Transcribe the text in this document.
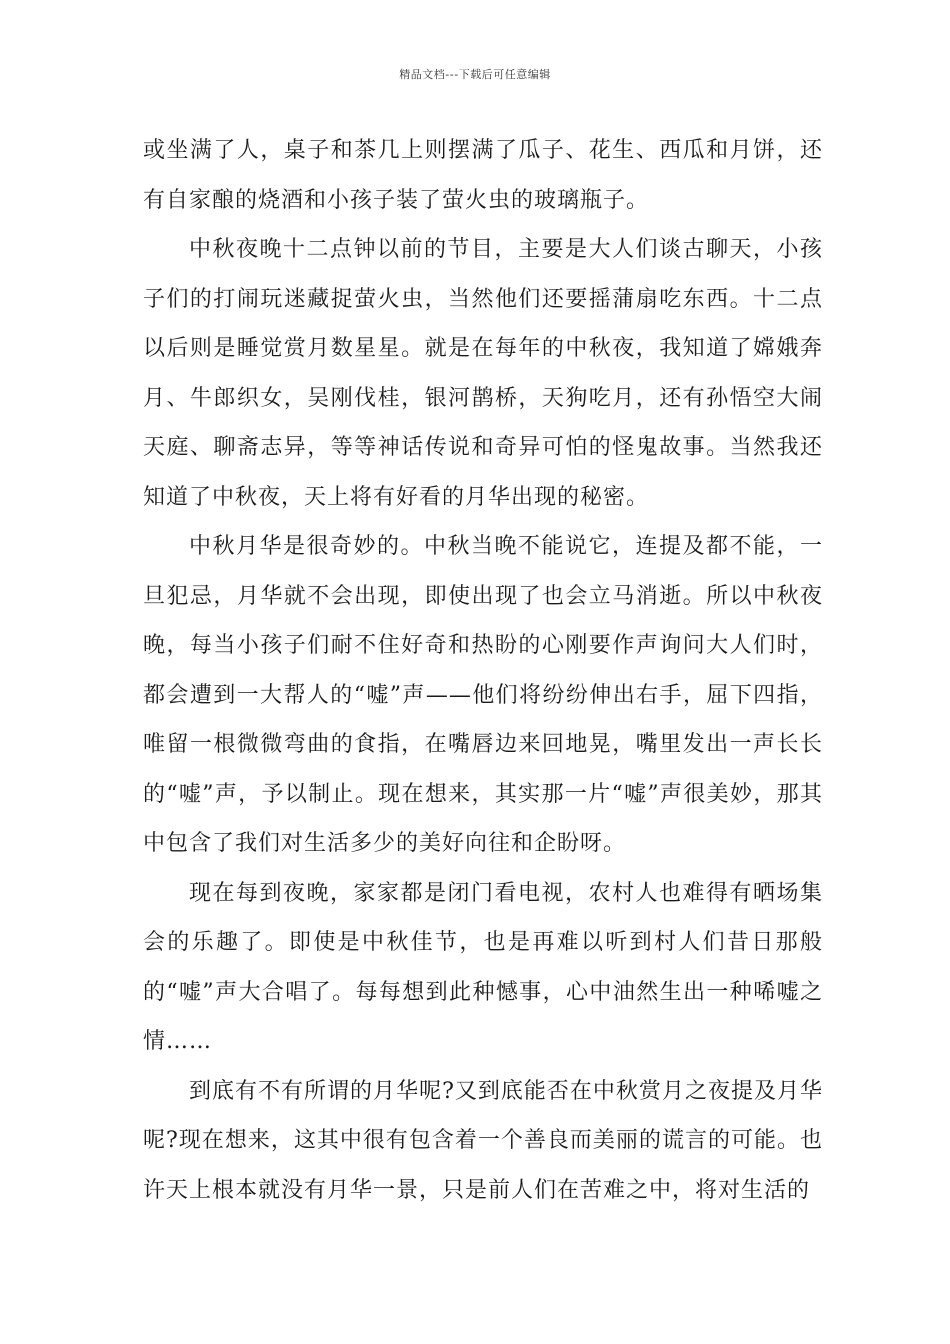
精品文档---下载后可任意编辑

或坐满了人，桌子和茶几上则摆满了瓜子、花生、西瓜和月饼，还有自家酿的烧酒和小孩子装了萤火虫的玻璃瓶子。

中秋夜晚十二点钟以前的节目，主要是大人们谈古聊天，小孩子们的打闹玩迷藏捉萤火虫，当然他们还要摇蒲扇吃东西。十二点以后则是睡觉赏月数星星。就是在每年的中秋夜，我知道了嫦娥奔月、牛郎织女，吴刚伐桂，银河鹊桥，天狗吃月，还有孙悟空大闹天庭、聊斋志异，等等神话传说和奇异可怕的怪鬼故事。当然我还知道了中秋夜，天上将有好看的月华出现的秘密。

中秋月华是很奇妙的。中秋当晚不能说它，连提及都不能，一旦犯忌，月华就不会出现，即使出现了也会立马消逝。所以中秋夜晚，每当小孩子们耐不住好奇和热盼的心刚要作声询问大人们时，都会遭到一大帮人的“嘘”声——他们将纷纷伸出右手，屈下四指，唯留一根微微弯曲的食指，在嘴唇边来回地晃，嘴里发出一声长长的“嘘”声，予以制止。现在想来，其实那一片“嘘”声很美妙，那其中包含了我们对生活多少的美好向往和企盼呀。

现在每到夜晚，家家都是闭门看电视，农村人也难得有晒场集会的乐趣了。即使是中秋佳节，也是再难以听到村人们昔日那般的“嘘”声大合唱了。每每想到此种憾事，心中油然生出一种唏嘘之情……

到底有不有所谓的月华呢?又到底能否在中秋赏月之夜提及月华呢?现在想来，这其中很有包含着一个善良而美丽的谎言的可能。也许天上根本就没有月华一景，只是前人们在苦难之中，将对生活的
